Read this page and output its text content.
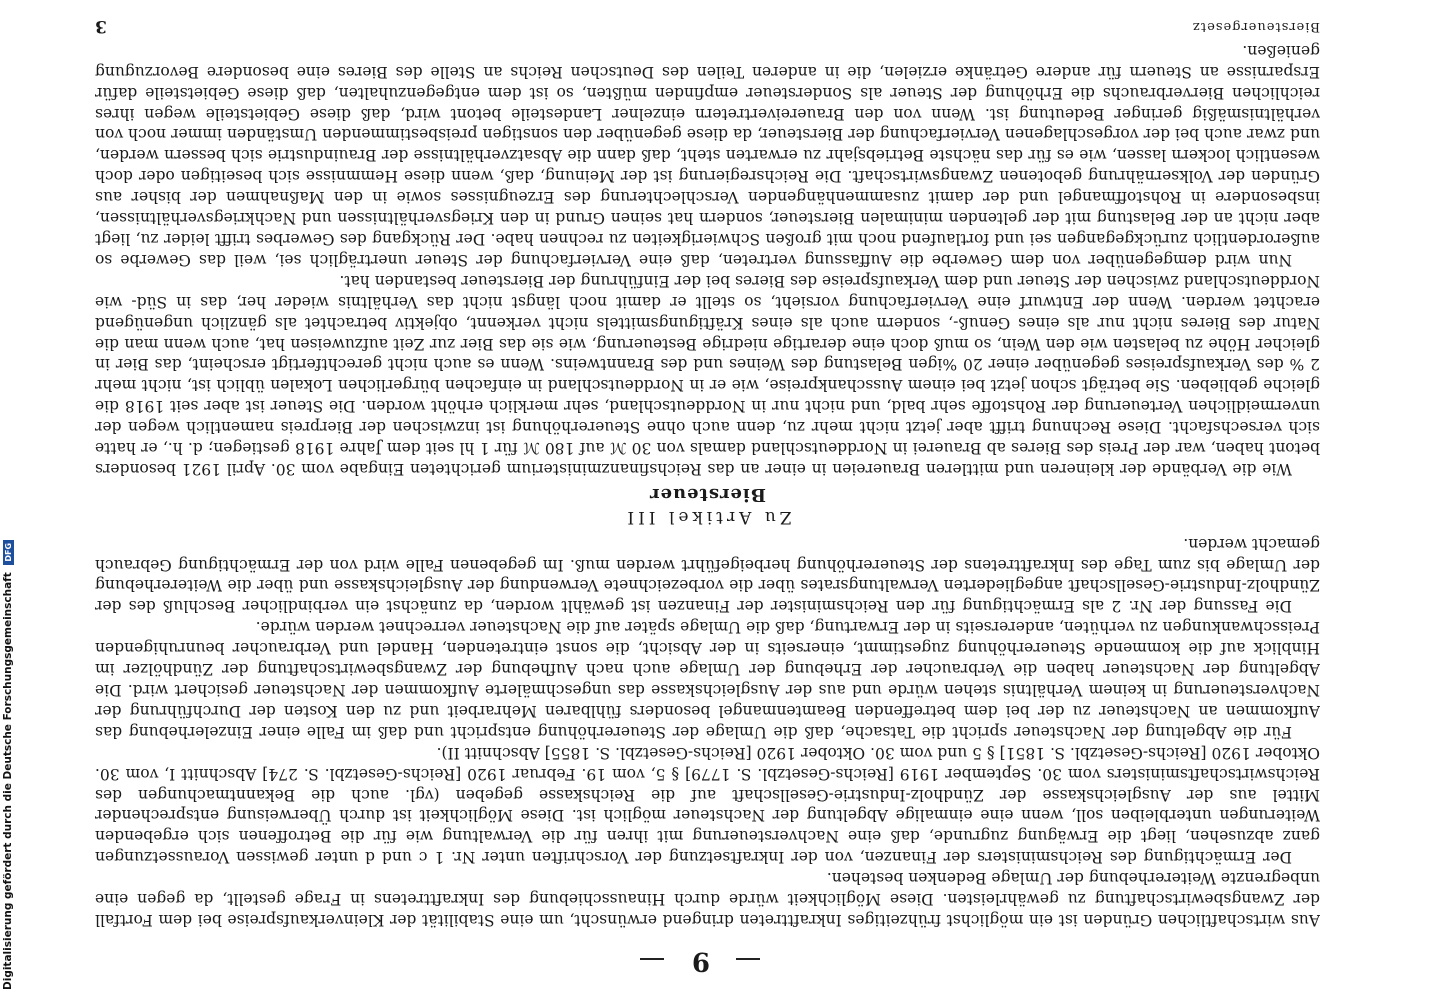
Digitalisierung gefördert durch die Deutsche Forschungsgemeinschaft DFG
9

Aus wirtschaftlichen Gründen ist ein möglichst frühzeitiges Inkrafttreten dringend erwünscht, um eine Stabilität der Kleinverkaufspreise bei dem Fortfall der Zwangsbewirtschaftung zu gewährleisten. Diese Möglichkeit würde durch Hinausschiebung des Inkrafttretens in Frage gestellt, da gegen eine unbegrenzte Weitererhebung der Umlage Bedenken bestehen.

Der Ermächtigung des Reichsministers der Finanzen, von der Inkraftsetzung der Vorschriften unter Nr. 1 c und d unter gewissen Voraussetzungen ganz abzusehen, liegt die Erwägung zugrunde, daß eine Nachversteuerung mit ihren für die Verwaltung wie für die Betroffenen sich ergebenden Weiterungen unterbleiben soll, wenn eine einmalige Abgeltung der Nachsteuer möglich ist. Diese Möglichkeit ist durch Überweisung entsprechender Mittel aus der Ausgleichskasse der Zündholz-Industrie-Gesellschaft auf die Reichskasse gegeben (vgl. auch die Bekanntmachungen des Reichswirtschaftsministers vom 30. September 1919 [Reichs-Gesetzbl. S. 1779] § 5, vom 19. Februar 1920 [Reichs-Gesetzbl. S. 274] Abschnitt I, vom 30. Oktober 1920 [Reichs-Gesetzbl. S. 1851] § 5 und vom 30. Oktober 1920 [Reichs-Gesetzbl. S. 1855] Abschnitt II).

Für die Abgeltung der Nachsteuer spricht die Tatsache, daß die Umlage der Steuererhöhung entspricht und daß im Falle einer Einzelerhebung das Aufkommen an Nachsteuer zu der bei dem betreffenden Beamtenmangel besonders fühlbaren Mehrarbeit und zu den Kosten der Durchführung der Nachversteuerung in keinem Verhältnis stehen würde und aus der Ausgleichskasse das ungeschmälerte Aufkommen der Nachsteuer gesichert wird. Die Abgeltung der Nachsteuer haben die Verbraucher der Erhebung der Umlage auch nach Aufhebung der Zwangsbewirtschaftung der Zündhölzer im Hinblick auf die kommende Steuererhöhung zugestimmt, einerseits in der Absicht, die sonst eintretenden, Handel und Verbraucher beunruhigenden Preisschwankungen zu verhüten, andererseits in der Erwartung, daß die Umlage später auf die Nachsteuer verrechnet werden würde.

Die Fassung der Nr. 2 als Ermächtigung für den Reichsminister der Finanzen ist gewählt worden, da zunächst ein verbindlicher Beschluß des der Zündholz-Industrie-Gesellschaft angegliederten Verwaltungsrates über die vorbezeichnete Verwendung der Ausgleichskasse und über die Weitererhebung der Umlage bis zum Tage des Inkrafttretens der Steuererhöhung herbeigeführt werden muß. Im gegebenen Falle wird von der Ermächtigung Gebrauch gemacht werden.

Zu Artikel III
Biersteuer

Wie die Verbände der kleineren und mittleren Brauereien in einer an das Reichsfinanzministerium gerichteten Eingabe vom 30. April 1921 besonders betont haben, war der Preis des Bieres ab Brauerei in Norddeutschland damals von 30 ℳ auf 180 ℳ für 1 hl seit dem Jahre 1918 gestiegen; d. h., er hatte sich versechsfacht. Diese Rechnung trifft aber jetzt nicht mehr zu, denn auch ohne Steuererhöhung ist inzwischen der Bierpreis namentlich wegen der unvermeidlichen Verteuerung der Rohstoffe sehr bald, und nicht nur in Norddeutschland, sehr merklich erhöht worden. Die Steuer ist aber seit 1918 die gleiche geblieben. Sie beträgt schon jetzt bei einem Ausschankpreise, wie er in Norddeutschland in einfachen bürgerlichen Lokalen üblich ist, nicht mehr 2 % des Verkaufspreises gegenüber einer 20 %igen Belastung des Weines und des Branntweins. Wenn es auch nicht gerechtfertigt erscheint, das Bier in gleicher Höhe zu belasten wie den Wein, so muß doch eine derartige niedrige Besteuerung, wie sie das Bier zur Zeit aufzuweisen hat, auch wenn man die Natur des Bieres nicht nur als eines Genuß-, sondern auch als eines Kräftigungsmittels nicht verkennt, objektiv betrachtet als gänzlich ungenügend erachtet werden. Wenn der Entwurf eine Vervierfachung vorsieht, so stellt er damit noch längst nicht das Verhältnis wieder her, das in Süd- wie Norddeutschland zwischen der Steuer und dem Verkaufspreise des Bieres bei der Einführung der Biersteuer bestanden hat.

Nun wird demgegenüber von dem Gewerbe die Auffassung vertreten, daß eine Vervierfachung der Steuer unerträglich sei, weil das Gewerbe so außerordentlich zurückgegangen sei und fortlaufend noch mit großen Schwierigkeiten zu rechnen habe. Der Rückgang des Gewerbes trifft leider zu, liegt aber nicht an der Belastung mit der geltenden minimalen Biersteuer, sondern hat seinen Grund in den Kriegsverhältnissen und Nachkriegsverhältnissen, insbesondere in Rohstoffmangel und der damit zusammenhängenden Verschlechterung des Erzeugnisses sowie in den Maßnahmen der bisher aus Gründen der Volksernährung gebotenen Zwangswirtschaft. Die Reichsregierung ist der Meinung, daß, wenn diese Hemmnisse sich beseitigen oder doch wesentlich lockern lassen, wie es für das nächste Betriebsjahr zu erwarten steht, daß dann die Absatzverhältnisse der Brauindustrie sich bessern werden, und zwar auch bei der vorgeschlagenen Vervierfachung der Biersteuer, da diese gegenüber den sonstigen preisbestimmenden Umständen immer noch von verhältnismäßig geringer Bedeutung ist. Wenn von den Brauereivertretern einzelner Landesteile betont wird, daß diese Gebietsteile wegen ihres reichlichen Bierverbrauchs die Erhöhung der Steuer als Sondersteuer empfinden müßten, so ist dem entgegenzuhalten, daß diese Gebietsteile dafür Ersparnisse an Steuern für andere Getränke erzielen, die in anderen Teilen des Deutschen Reichs an Stelle des Bieres eine besondere Bevorzugung genießen.

Biersteuergesetz
3
